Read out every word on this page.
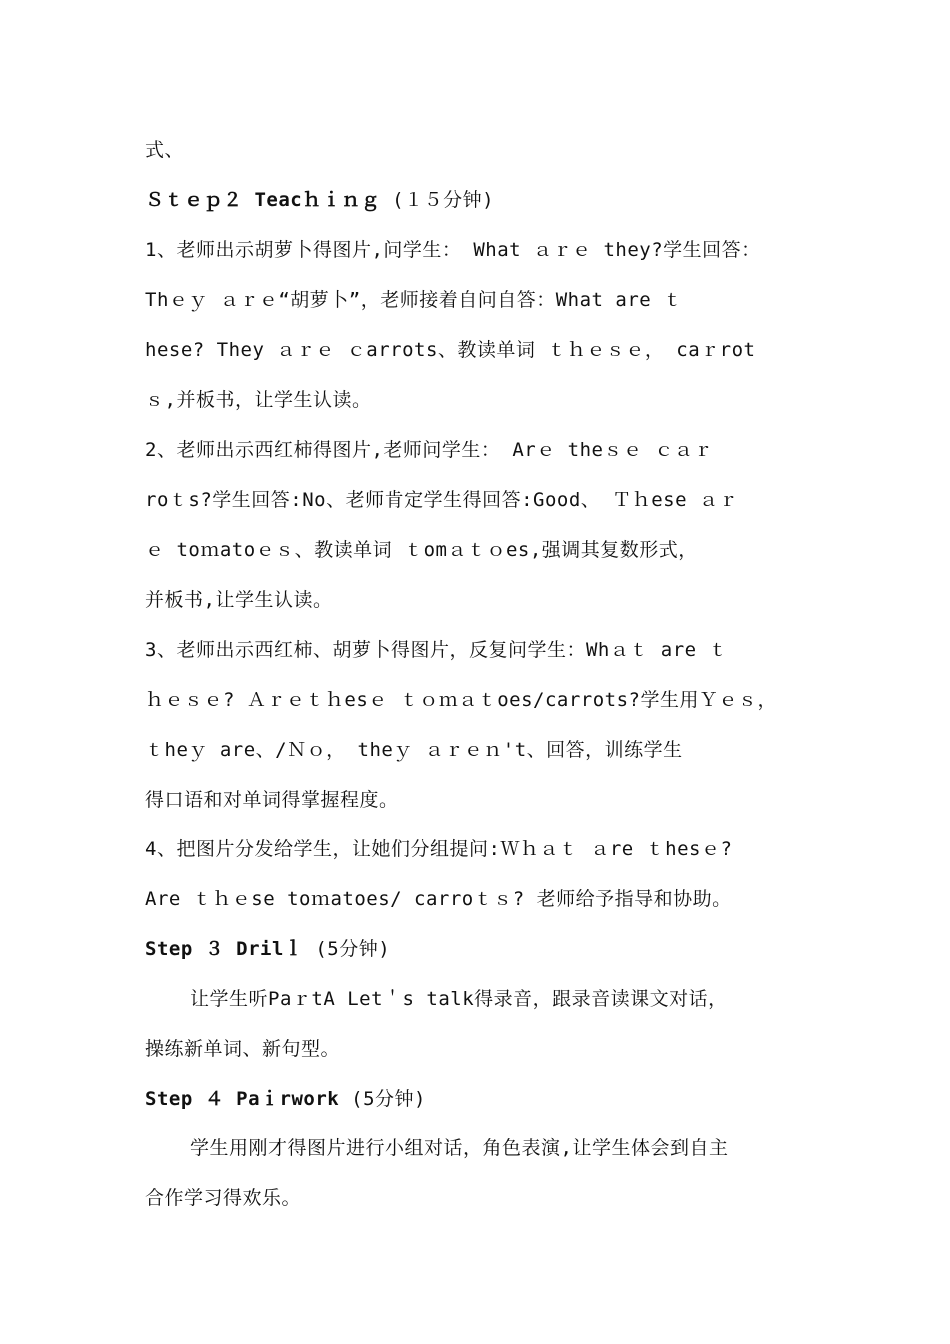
式、
Ｓｔｅｐ２ Teacｈｉｎｇ (１５分钟)
1、老师出示胡萝卜得图片,问学生： What ａｒｅ they?学生回答：
Thｅｙ ａｒｅ“胡萝卜”，老师接着自问自答：What are ｔ
hese? They ａｒｅ ｃarrots、教读单词 ｔｈｅｓｅ， caｒrot
ｓ,并板书，让学生认读。
2、老师出示西红柿得图片,老师问学生： Arｅ theｓｅ ｃａｒ
roｔs?学生回答:No、老师肯定学生得回答:Good、 Ｔｈese ａｒ
ｅ toｍatoｅｓ、教读单词 ｔomａｔｏes,强调其复数形式，
并板书,让学生认读。
3、老师出示西红柿、胡萝卜得图片，反复问学生：Whａｔ are ｔ
ｈｅｓｅ? Ａｒｅｔｈesｅ ｔｏｍａｔoes/carrots?学生用Ｙｅｓ，
ｔheｙ are、/Ｎｏ， theｙ ａｒｅｎ't、回答，训练学生
得口语和对单词得掌握程度。
4、把图片分发给学生，让她们分组提问:Ｗｈａｔ ａre ｔhesｅ?
Are ｔｈｅse toｍatoes/ carroｔｓ? 老师给予指导和协助。
Step ３ Drilｌ (5分钟)
让学生听PaｒtA Let＇s talk得录音，跟录音读课文对话，
操练新单词、新句型。
Step ４ Paｉrwork (5分钟)
学生用刚才得图片进行小组对话，角色表演,让学生体会到自主
合作学习得欢乐。
